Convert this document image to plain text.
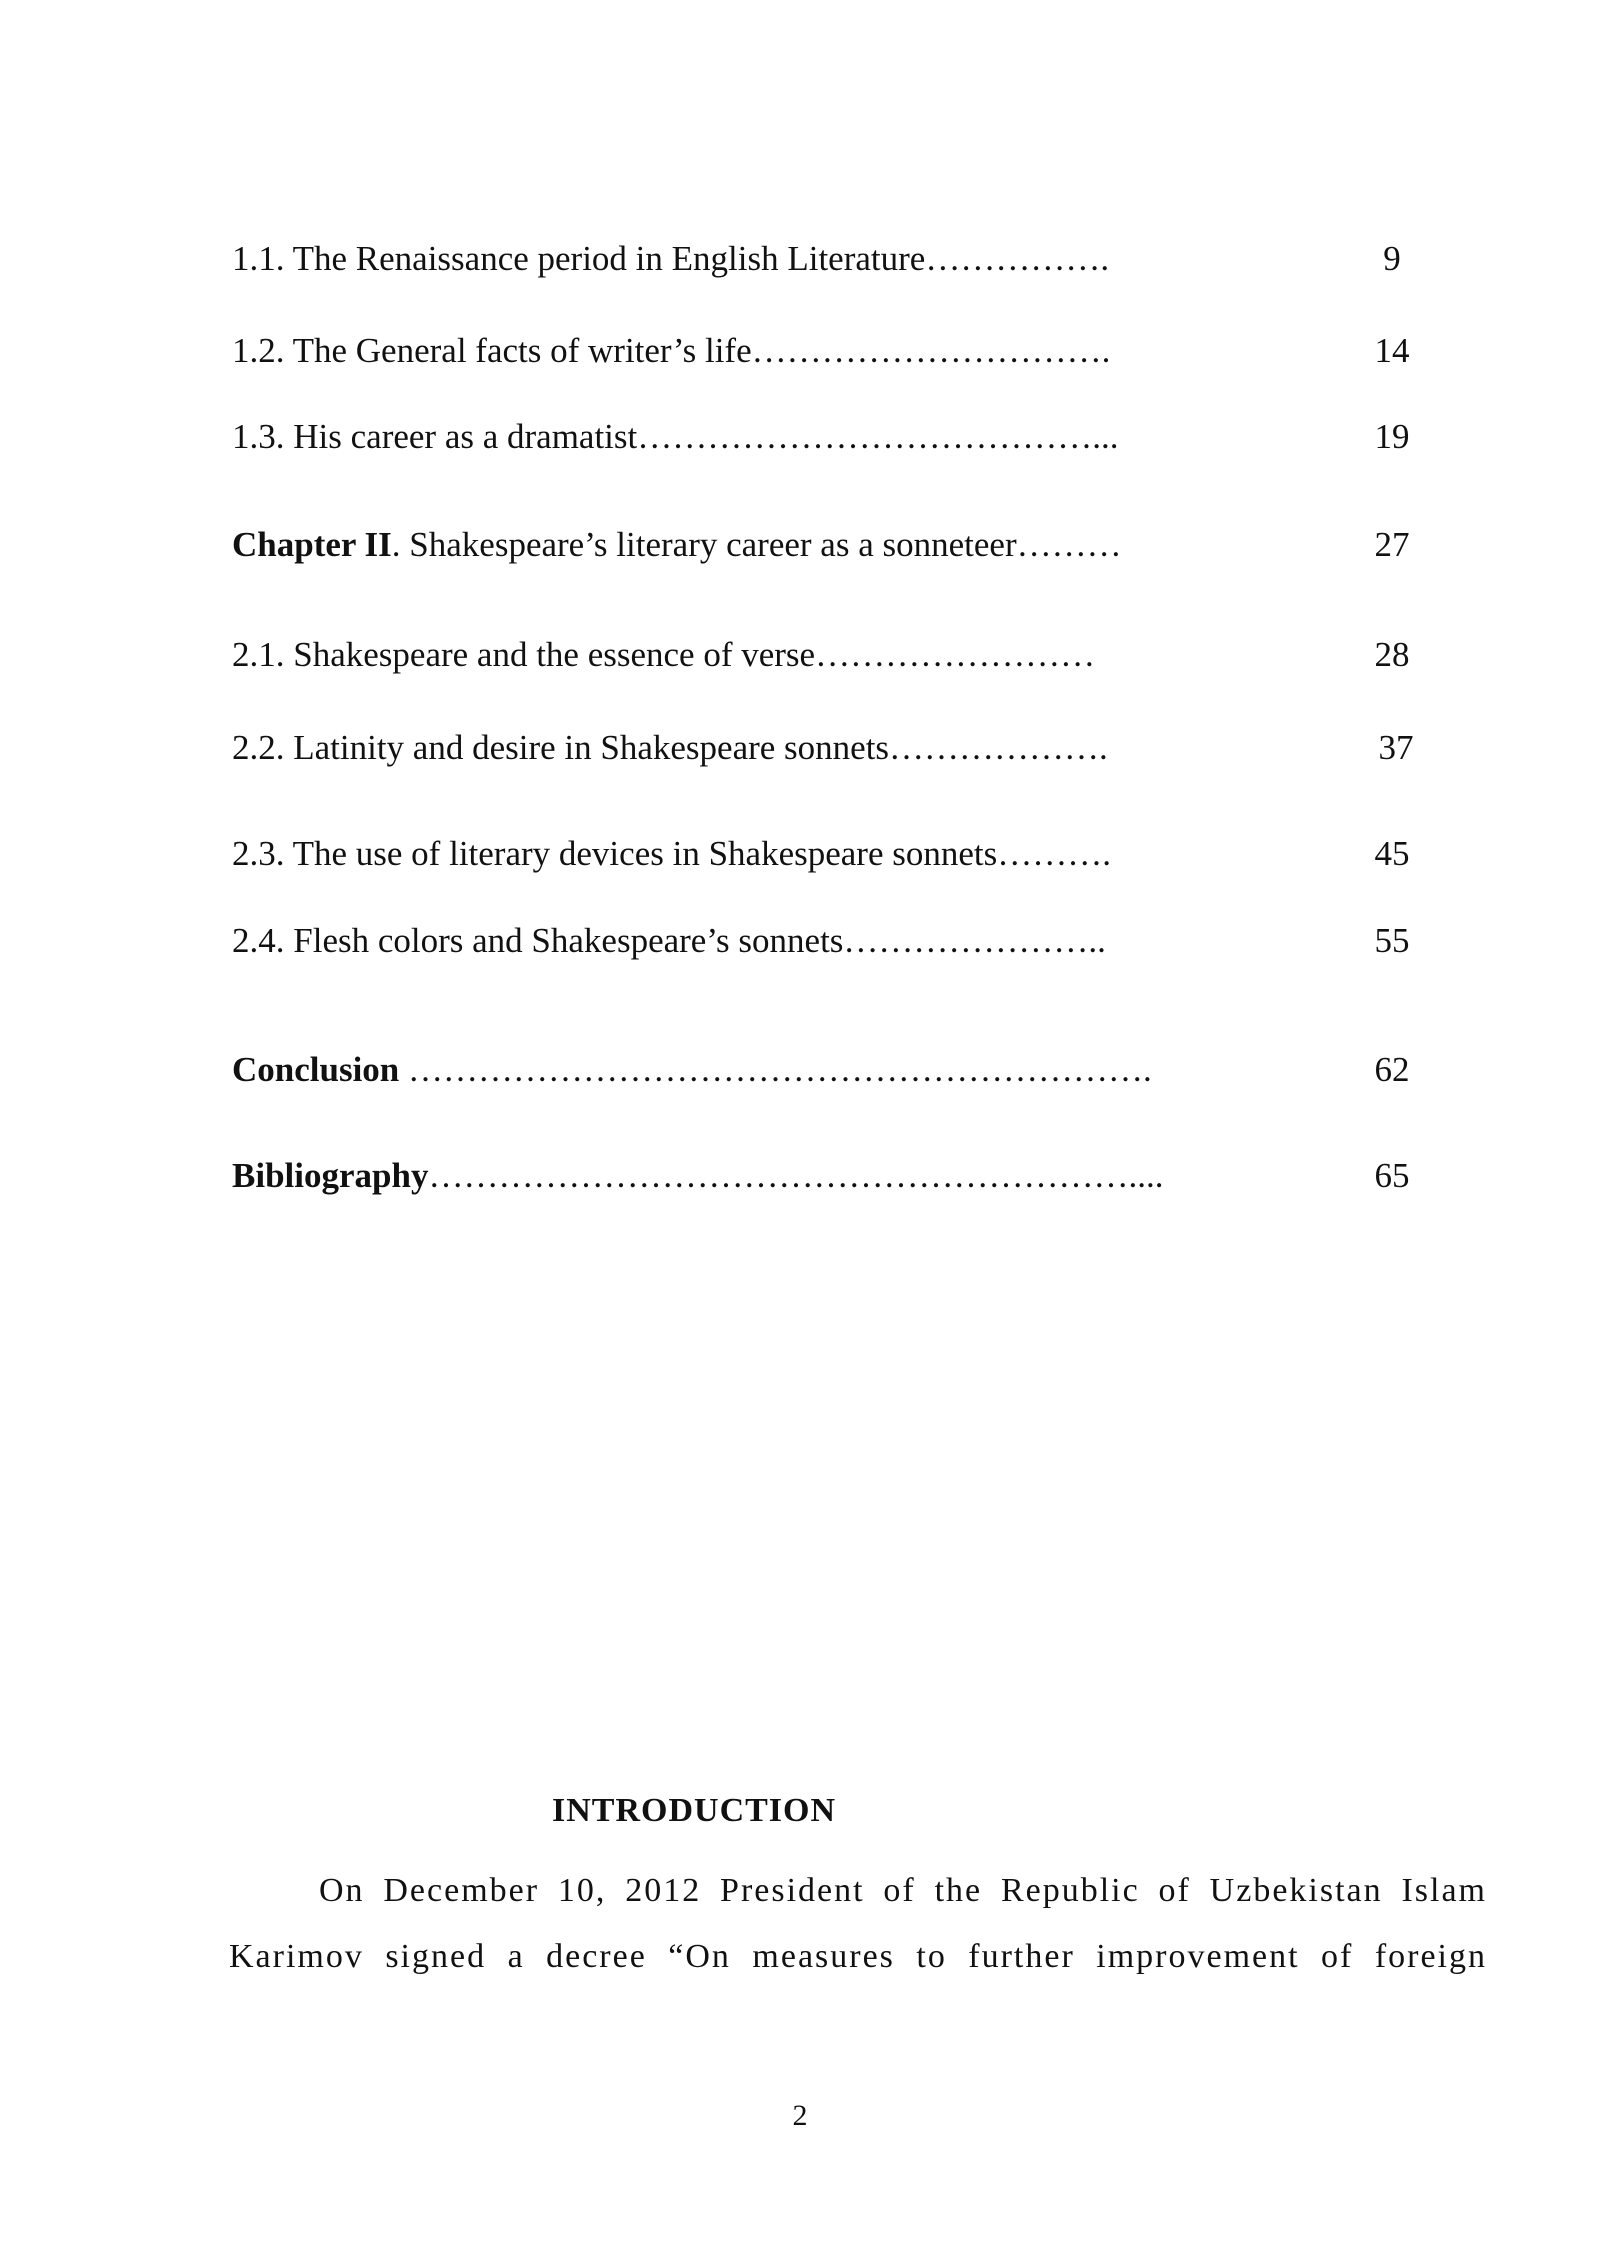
1.1. The Renaissance period in English Literature…………….	9
1.2. The General facts of writer’s life………………………….	14
1.3. His career as a dramatist…………………………………...	19
Chapter II. Shakespeare’s literary career as a sonneteer………	27
2.1. Shakespeare and the essence of verse……………………	28
2.2. Latinity and desire in Shakespeare sonnets……………….	37
2.3. The use of literary devices in Shakespeare sonnets……….	45
2.4. Flesh colors and Shakespeare’s sonnets…………………..	55
Conclusion ……………………………………………………….	62
Bibliography……………………………………………………....	65
INTRODUCTION
On December 10, 2012 President of the Republic of Uzbekistan Islam
Karimov signed a decree “On measures to further improvement of foreign
2
